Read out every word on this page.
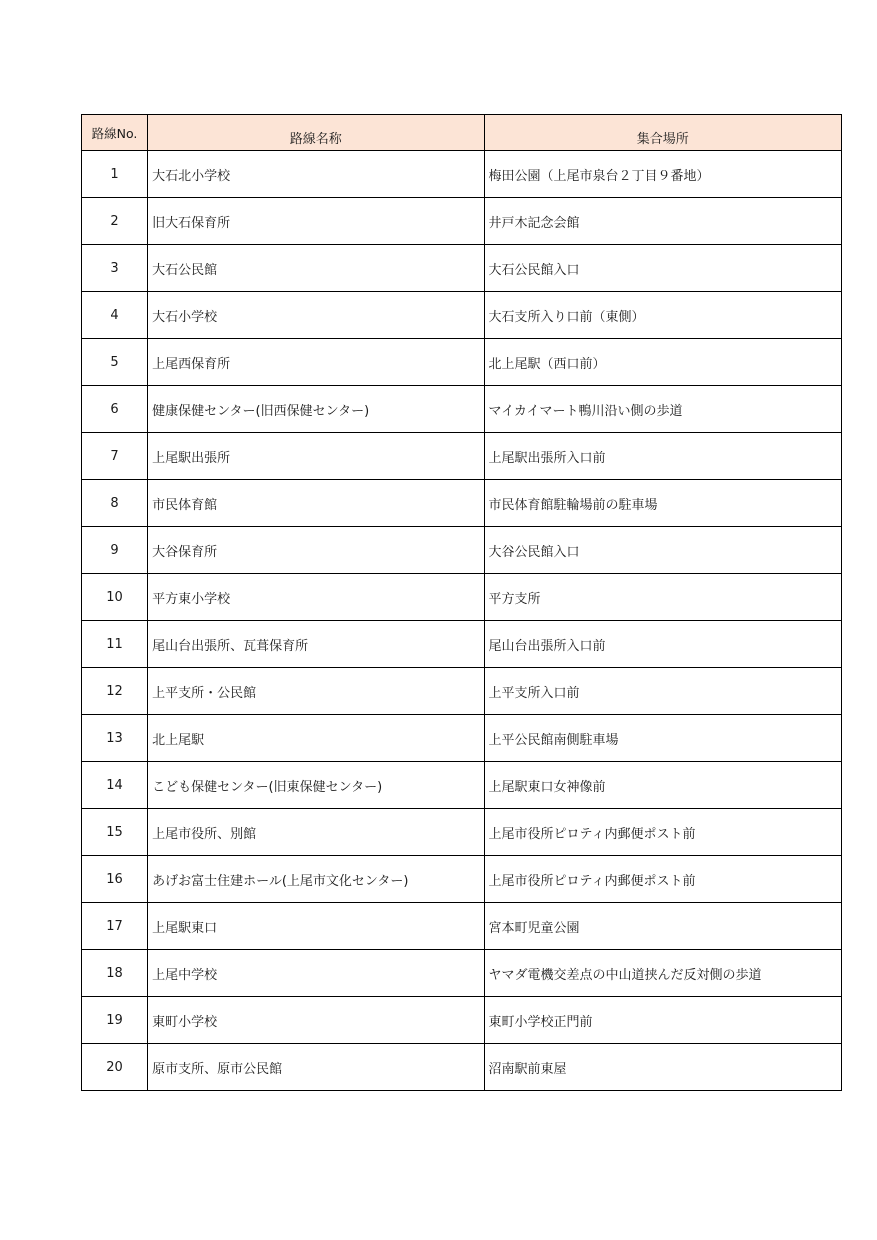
路線No.	路線名称	集合場所
1	大石北小学校	梅田公園（上尾市泉台２丁目９番地）
2	旧大石保育所	井戸木記念会館
3	大石公民館	大石公民館入口
4	大石小学校	大石支所入り口前（東側）
5	上尾西保育所	北上尾駅（西口前）
6	健康保健センター(旧西保健センター)	マイカイマート鴨川沿い側の歩道
7	上尾駅出張所	上尾駅出張所入口前
8	市民体育館	市民体育館駐輪場前の駐車場
9	大谷保育所	大谷公民館入口
10	平方東小学校	平方支所
11	尾山台出張所、瓦葺保育所	尾山台出張所入口前
12	上平支所・公民館	上平支所入口前
13	北上尾駅	上平公民館南側駐車場
14	こども保健センター(旧東保健センター)	上尾駅東口女神像前
15	上尾市役所、別館	上尾市役所ピロティ内郵便ポスト前
16	あげお富士住建ホール(上尾市文化センター)	上尾市役所ピロティ内郵便ポスト前
17	上尾駅東口	宮本町児童公園
18	上尾中学校	ヤマダ電機交差点の中山道挟んだ反対側の歩道
19	東町小学校	東町小学校正門前
20	原市支所、原市公民館	沼南駅前東屋
